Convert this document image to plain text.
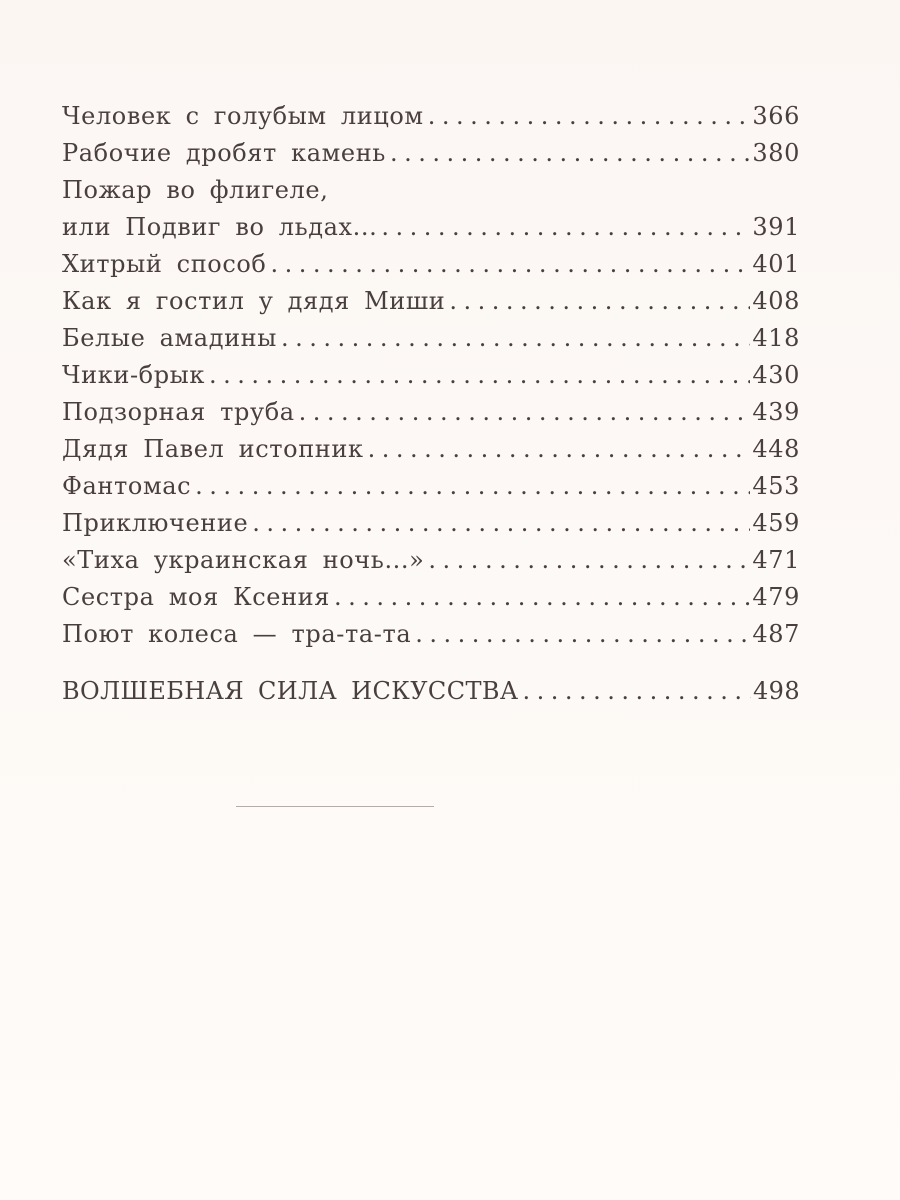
Человек с голубым лицом .....	366
Рабочие дробят камень .....	380
Пожар во флигеле,
или Подвиг во льдах... .....	391
Хитрый способ .....	401
Как я гостил у дядя Миши .....	408
Белые амадины .....	418
Чики-брык .....	430
Подзорная труба .....	439
Дядя Павел истопник .....	448
Фантомас .....	453
Приключение .....	459
«Тиха украинская ночь...» .....	471
Сестра моя Ксения .....	479
Поют колеса — тра-та-та .....	487
ВОЛШЕБНАЯ СИЛА ИСКУССТВА .....	498
